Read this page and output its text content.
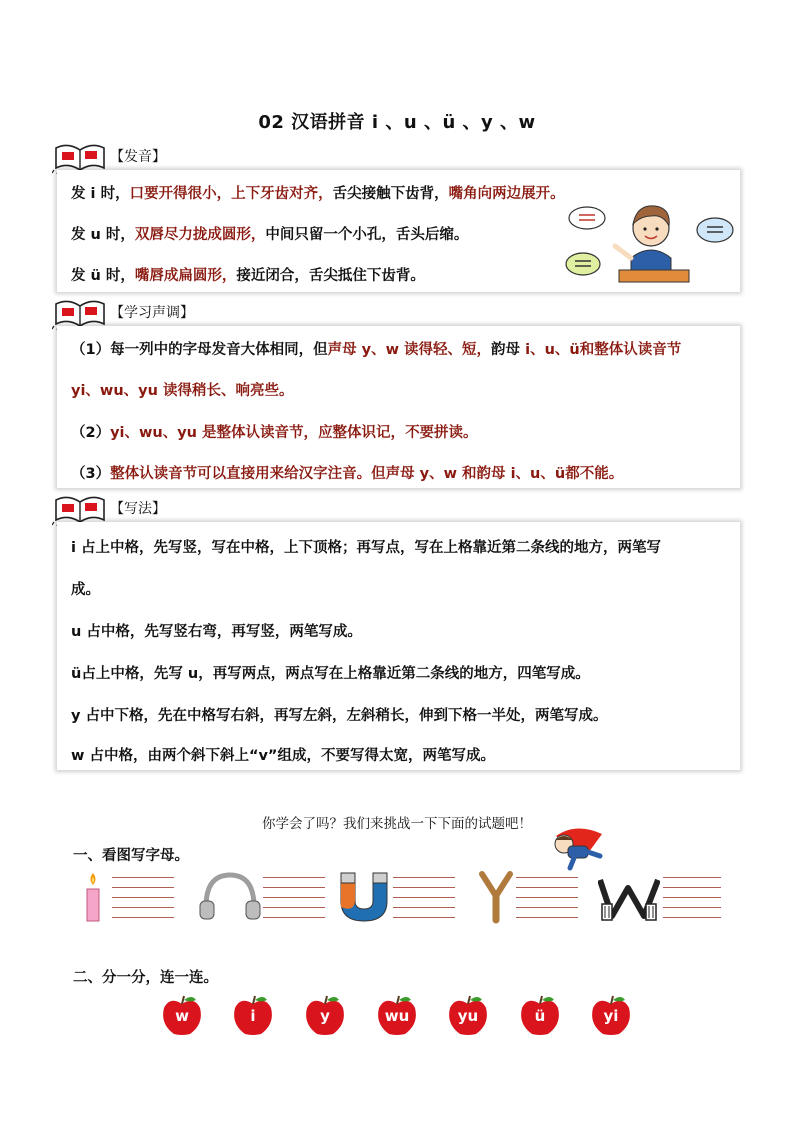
02 汉语拼音 i 、u 、ü 、y 、w
【发音】
发 i 时，口要开得很小，上下牙齿对齐，舌尖接触下齿背，嘴角向两边展开。
发 u 时，双唇尽力拢成圆形，中间只留一个小孔，舌头后缩。
发 ü 时，嘴唇成扁圆形，接近闭合，舌尖抵住下齿背。
【学习声调】
（1）每一列中的字母发音大体相同，但声母 y、w 读得轻、短，韵母 i、u、ü和整体认读音节
yi、wu、yu 读得稍长、响亮些。
（2）yi、wu、yu 是整体认读音节，应整体识记，不要拼读。
（3）整体认读音节可以直接用来给汉字注音。但声母 y、w 和韵母 i、u、ü都不能。
【写法】
i 占上中格，先写竖，写在中格，上下顶格；再写点，写在上格靠近第二条线的地方，两笔写
成。
u 占中格，先写竖右弯，再写竖，两笔写成。
ü占上中格，先写 u，再写两点，两点写在上格靠近第二条线的地方，四笔写成。
y 占中下格，先在中格写右斜，再写左斜，左斜稍长，伸到下格一半处，两笔写成。
w 占中格，由两个斜下斜上“v”组成，不要写得太宽，两笔写成。
你学会了吗？我们来挑战一下下面的试题吧！
一、看图写字母。
二、分一分，连一连。
w	i	y	wu	yu	ü	yi
